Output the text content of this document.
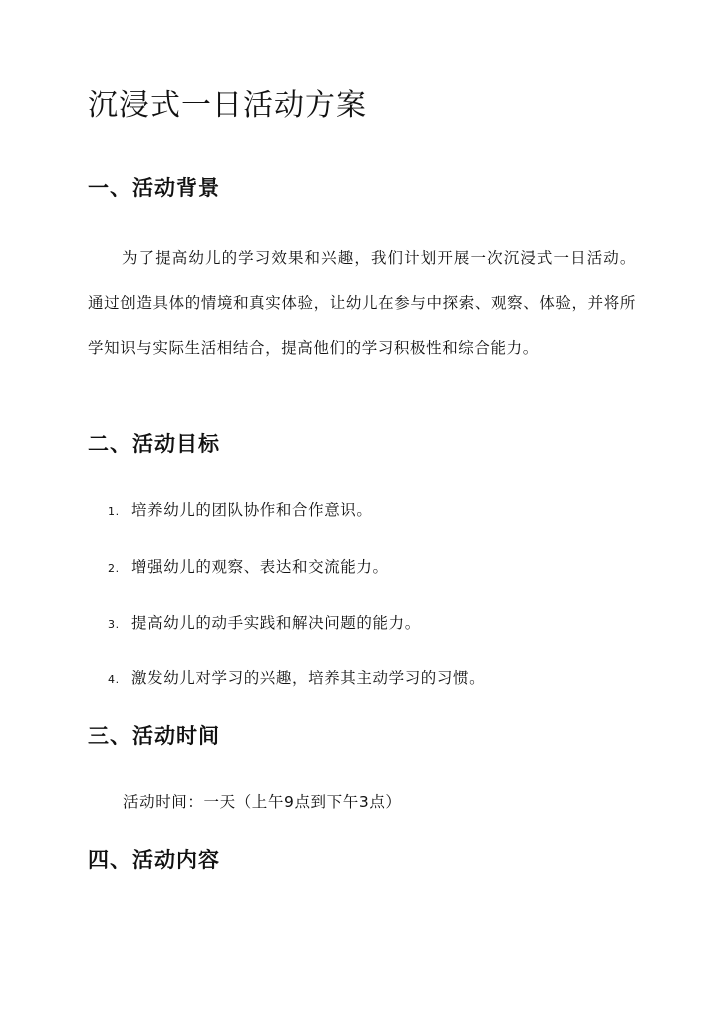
沉浸式一日活动方案
一、活动背景

为了提高幼儿的学习效果和兴趣，我们计划开展一次沉浸式一日活动。通过创造具体的情境和真实体验，让幼儿在参与中探索、观察、体验，并将所学知识与实际生活相结合，提高他们的学习积极性和综合能力。

二、活动目标
1. 培养幼儿的团队协作和合作意识。
2. 增强幼儿的观察、表达和交流能力。
3. 提高幼儿的动手实践和解决问题的能力。
4. 激发幼儿对学习的兴趣，培养其主动学习的习惯。
三、活动时间
活动时间：一天（上午9点到下午3点）
四、活动内容
